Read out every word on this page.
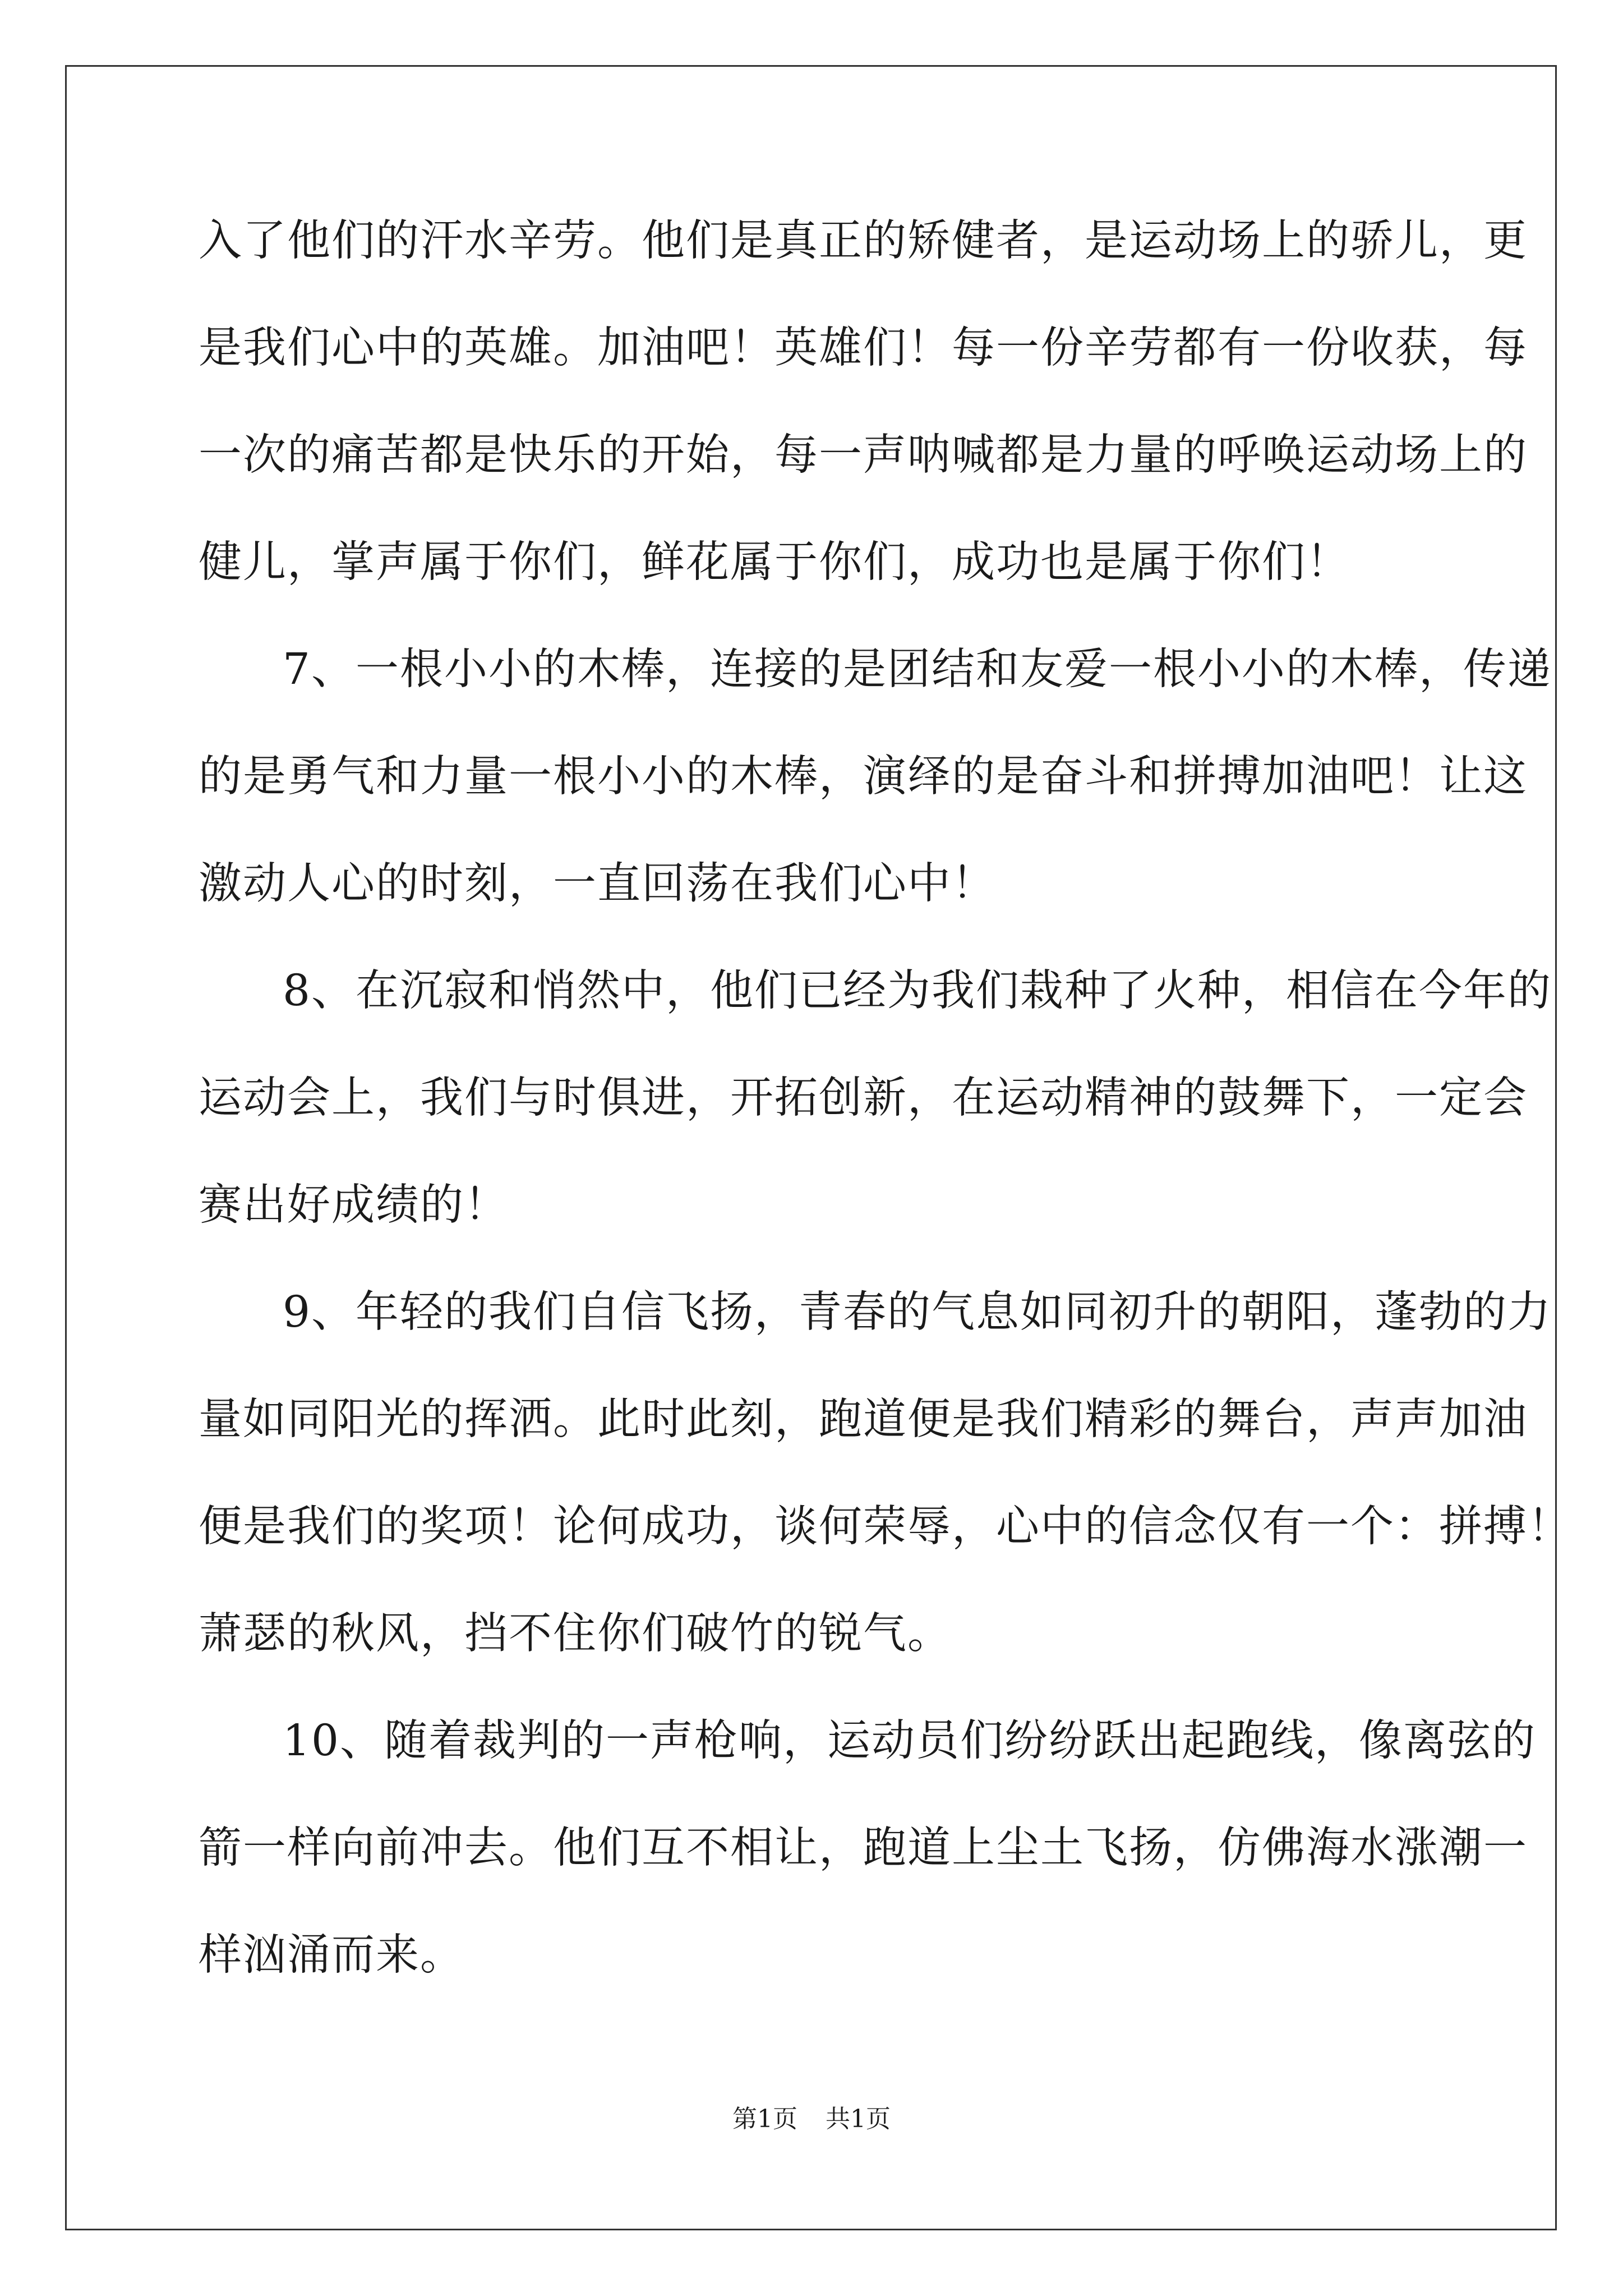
入了他们的汗水辛劳。他们是真正的矫健者，是运动场上的骄儿，更
是我们心中的英雄。加油吧！英雄们！每一份辛劳都有一份收获，每
一次的痛苦都是快乐的开始，每一声呐喊都是力量的呼唤运动场上的
健儿，掌声属于你们，鲜花属于你们，成功也是属于你们！
7、一根小小的木棒，连接的是团结和友爱一根小小的木棒，传递
的是勇气和力量一根小小的木棒，演绎的是奋斗和拼搏加油吧！让这
激动人心的时刻，一直回荡在我们心中！
8、在沉寂和悄然中，他们已经为我们栽种了火种，相信在今年的
运动会上，我们与时俱进，开拓创新，在运动精神的鼓舞下，一定会
赛出好成绩的！
9、年轻的我们自信飞扬，青春的气息如同初升的朝阳，蓬勃的力
量如同阳光的挥洒。此时此刻，跑道便是我们精彩的舞台，声声加油
便是我们的奖项！论何成功，谈何荣辱，心中的信念仅有一个：拼搏！
萧瑟的秋风，挡不住你们破竹的锐气。
10、随着裁判的一声枪响，运动员们纷纷跃出起跑线，像离弦的
箭一样向前冲去。他们互不相让，跑道上尘土飞扬，仿佛海水涨潮一
样汹涌而来。
第1页 共1页
